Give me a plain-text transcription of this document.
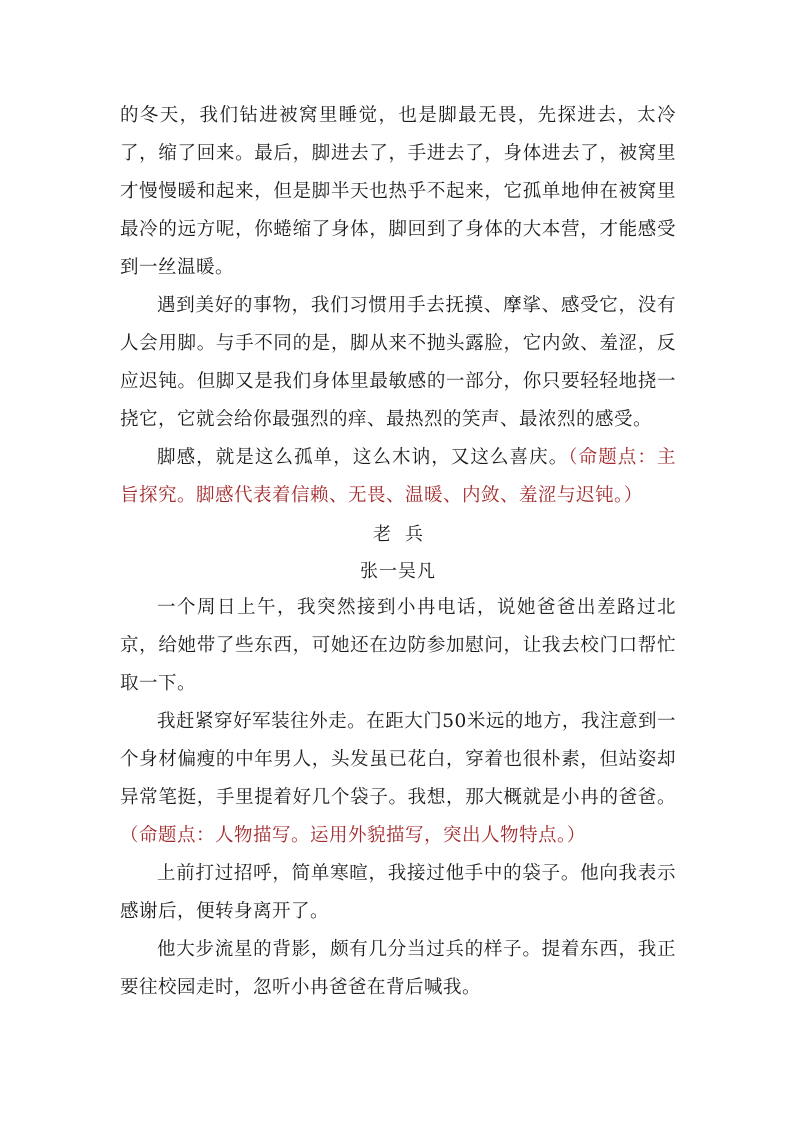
的冬天，我们钻进被窝里睡觉，也是脚最无畏，先探进去，太冷了，缩了回来。最后，脚进去了，手进去了，身体进去了，被窝里才慢慢暖和起来，但是脚半天也热乎不起来，它孤单地伸在被窝里最冷的远方呢，你蜷缩了身体，脚回到了身体的大本营，才能感受到一丝温暖。

遇到美好的事物，我们习惯用手去抚摸、摩挲、感受它，没有人会用脚。与手不同的是，脚从来不抛头露脸，它内敛、羞涩，反应迟钝。但脚又是我们身体里最敏感的一部分，你只要轻轻地挠一挠它，它就会给你最强烈的痒、最热烈的笑声、最浓烈的感受。

脚感，就是这么孤单，这么木讷，又这么喜庆。（命题点：主旨探究。脚感代表着信赖、无畏、温暖、内敛、羞涩与迟钝。）

老兵

张一吴凡

一个周日上午，我突然接到小冉电话，说她爸爸出差路过北京，给她带了些东西，可她还在边防参加慰问，让我去校门口帮忙取一下。

我赶紧穿好军装往外走。在距大门50米远的地方，我注意到一个身材偏瘦的中年男人，头发虽已花白，穿着也很朴素，但站姿却异常笔挺，手里提着好几个袋子。我想，那大概就是小冉的爸爸。（命题点：人物描写。运用外貌描写，突出人物特点。）

上前打过招呼，简单寒暄，我接过他手中的袋子。他向我表示感谢后，便转身离开了。

他大步流星的背影，颇有几分当过兵的样子。提着东西，我正要往校园走时，忽听小冉爸爸在背后喊我。
